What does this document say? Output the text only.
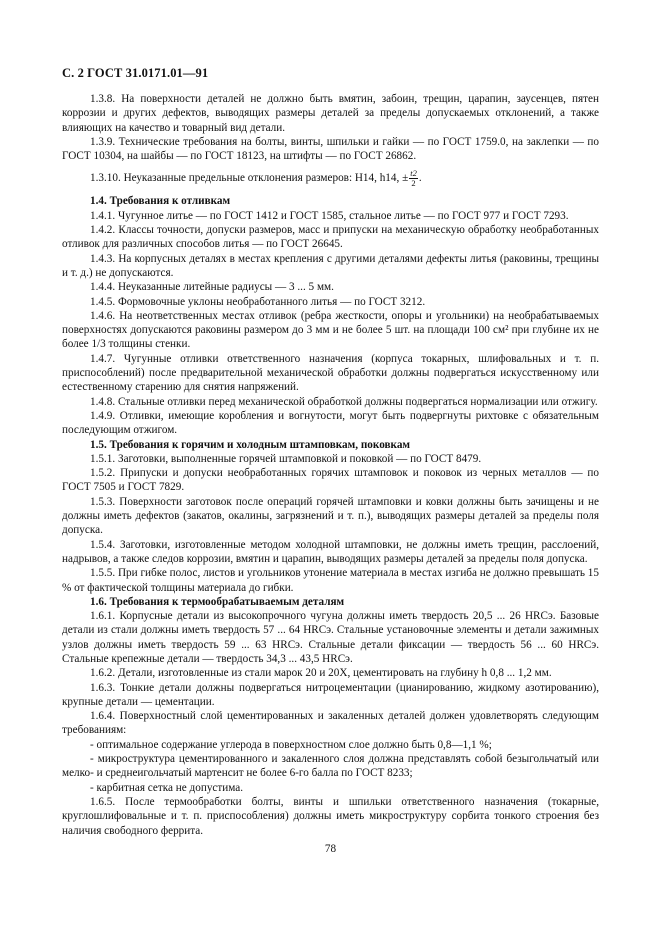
С. 2 ГОСТ 31.0171.01—91

1.3.8. На поверхности деталей не должно быть вмятин, забоин, трещин, царапин, заусенцев, пятен коррозии и других дефектов, выводящих размеры деталей за пределы допускаемых отклонений, а также влияющих на качество и товарный вид детали.

1.3.9. Технические требования на болты, винты, шпильки и гайки — по ГОСТ 1759.0, на заклепки — по ГОСТ 10304, на шайбы — по ГОСТ 18123, на штифты — по ГОСТ 26862.

1.3.10. Неуказанные предельные отклонения размеров: H14, h14, ± $\frac{t2}{2}$ .

1.4. Требования к отливкам

1.4.1. Чугунное литье — по ГОСТ 1412 и ГОСТ 1585, стальное литье — по ГОСТ 977 и ГОСТ 7293.

1.4.2. Классы точности, допуски размеров, масс и припуски на механическую обработку необработанных отливок для различных способов литья — по ГОСТ 26645.

1.4.3. На корпусных деталях в местах крепления с другими деталями дефекты литья (раковины, трещины и т. д.) не допускаются.

1.4.4. Неуказанные литейные радиусы — 3 ... 5 мм.

1.4.5. Формовочные уклоны необработанного литья — по ГОСТ 3212.

1.4.6. На неответственных местах отливок (ребра жесткости, опоры и угольники) на необрабатываемых поверхностях допускаются раковины размером до 3 мм и не более 5 шт. на площади 100 см² при глубине их не более 1/3 толщины стенки.

1.4.7. Чугунные отливки ответственного назначения (корпуса токарных, шлифовальных и т. п. приспособлений) после предварительной механической обработки должны подвергаться искусственному или естественному старению для снятия напряжений.

1.4.8. Стальные отливки перед механической обработкой должны подвергаться нормализации или отжигу.

1.4.9. Отливки, имеющие коробления и вогнутости, могут быть подвергнуты рихтовке с обязательным последующим отжигом.

1.5. Требования к горячим и холодным штамповкам, поковкам

1.5.1. Заготовки, выполненные горячей штамповкой и поковкой — по ГОСТ 8479.

1.5.2. Припуски и допуски необработанных горячих штамповок и поковок из черных металлов — по ГОСТ 7505 и ГОСТ 7829.

1.5.3. Поверхности заготовок после операций горячей штамповки и ковки должны быть зачищены и не должны иметь дефектов (закатов, окалины, загрязнений и т. п.), выводящих размеры деталей за пределы поля допуска.

1.5.4. Заготовки, изготовленные методом холодной штамповки, не должны иметь трещин, расслоений, надрывов, а также следов коррозии, вмятин и царапин, выводящих размеры деталей за пределы поля допуска.

1.5.5. При гибке полос, листов и угольников утонение материала в местах изгиба не должно превышать 15 % от фактической толщины материала до гибки.

1.6. Требования к термообрабатываемым деталям

1.6.1. Корпусные детали из высокопрочного чугуна должны иметь твердость 20,5 ... 26 HRCэ. Базовые детали из стали должны иметь твердость 57 ... 64 HRCэ. Стальные установочные элементы и детали зажимных узлов должны иметь твердость 59 ... 63 HRCэ. Стальные детали фиксации — твердость 56 ... 60 HRCэ. Стальные крепежные детали — твердость 34,3 ... 43,5 HRCэ.

1.6.2. Детали, изготовленные из стали марок 20 и 20Х, цементировать на глубину h 0,8 ... 1,2 мм.

1.6.3. Тонкие детали должны подвергаться нитроцементации (цианированию, жидкому азотированию), крупные детали — цементации.

1.6.4. Поверхностный слой цементированных и закаленных деталей должен удовлетворять следующим требованиям:

- оптимальное содержание углерода в поверхностном слое должно быть 0,8—1,1 %;

- микроструктура цементированного и закаленного слоя должна представлять собой безыгольчатый или мелко- и среднеигольчатый мартенсит не более 6-го балла по ГОСТ 8233;

- карбитная сетка не допустима.

1.6.5. После термообработки болты, винты и шпильки ответственного назначения (токарные, круглошлифовальные и т. п. приспособления) должны иметь микроструктуру сорбита тонкого строения без наличия свободного феррита.

78
